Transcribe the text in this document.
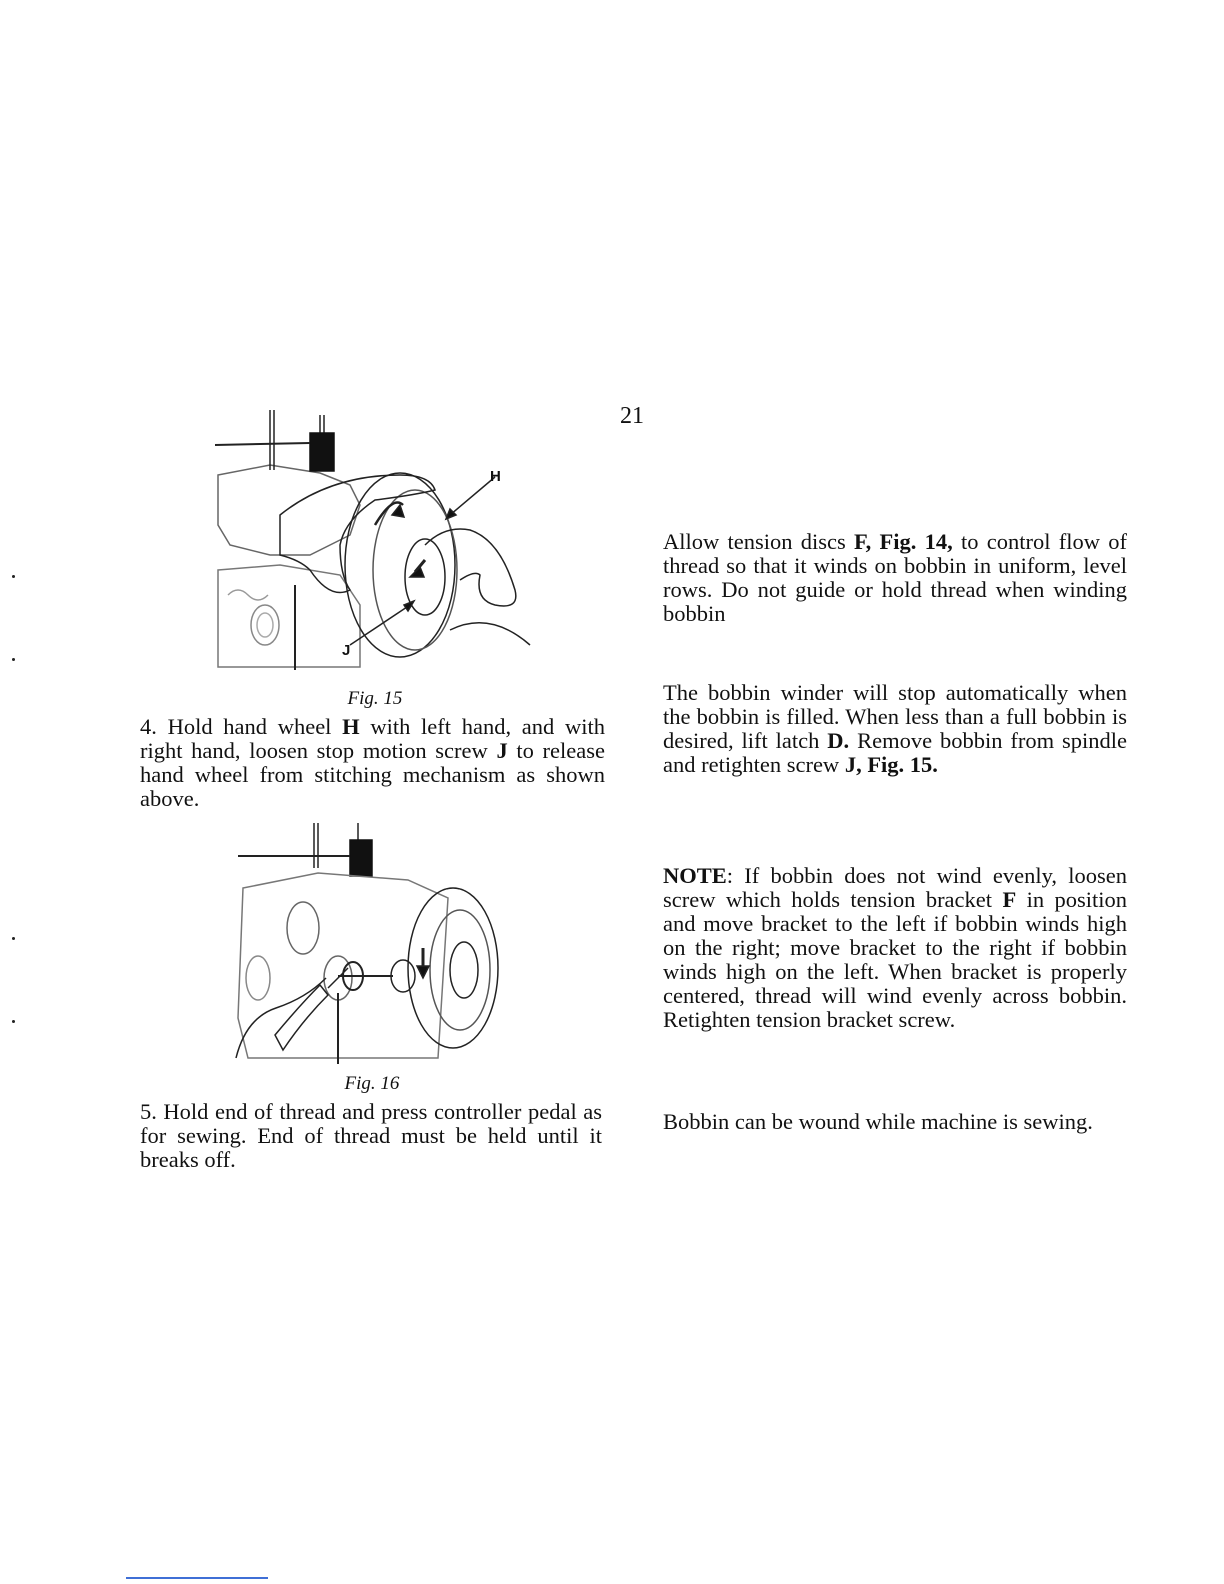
21
H
J
Fig. 15

4. Hold hand wheel H with left hand, and with right hand, loosen stop motion screw J to release hand wheel from stitching mechanism as shown above.

Fig. 16

5. Hold end of thread and press controller pedal as for sewing. End of thread must be held until it breaks off.

Allow tension discs F, Fig. 14, to control flow of thread so that it winds on bobbin in uniform, level rows. Do not guide or hold thread when winding bobbin

The bobbin winder will stop automatically when the bobbin is filled. When less than a full bobbin is desired, lift latch D. Remove bobbin from spindle and retighten screw J, Fig. 15.

NOTE: If bobbin does not wind evenly, loosen screw which holds tension bracket F in position and move bracket to the left if bobbin winds high on the right; move bracket to the right if bobbin winds high on the left. When bracket is properly centered, thread will wind evenly across bobbin. Retighten tension bracket screw.

Bobbin can be wound while machine is sewing.
